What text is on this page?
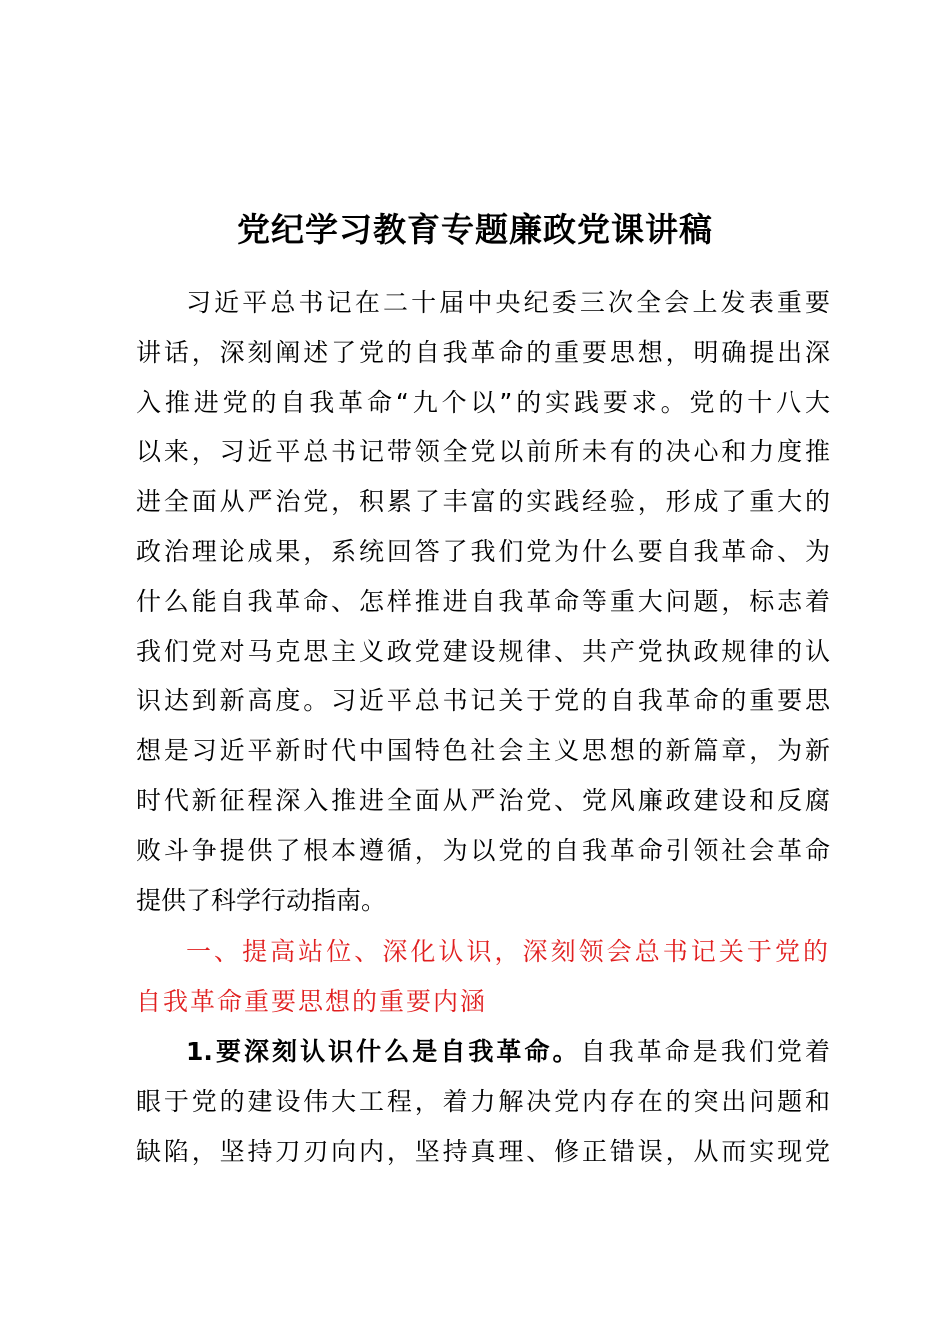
党纪学习教育专题廉政党课讲稿
习近平总书记在二十届中央纪委三次全会上发表重要
讲话，深刻阐述了党的自我革命的重要思想，明确提出深
入推进党的自我革命“九个以”的实践要求。党的十八大
以来，习近平总书记带领全党以前所未有的决心和力度推
进全面从严治党，积累了丰富的实践经验，形成了重大的
政治理论成果，系统回答了我们党为什么要自我革命、为
什么能自我革命、怎样推进自我革命等重大问题，标志着
我们党对马克思主义政党建设规律、共产党执政规律的认
识达到新高度。习近平总书记关于党的自我革命的重要思
想是习近平新时代中国特色社会主义思想的新篇章，为新
时代新征程深入推进全面从严治党、党风廉政建设和反腐
败斗争提供了根本遵循，为以党的自我革命引领社会革命
提供了科学行动指南。
一、提高站位、深化认识，深刻领会总书记关于党的
自我革命重要思想的重要内涵
1.要深刻认识什么是自我革命。自我革命是我们党着
眼于党的建设伟大工程，着力解决党内存在的突出问题和
缺陷，坚持刀刃向内，坚持真理、修正错误，从而实现党
